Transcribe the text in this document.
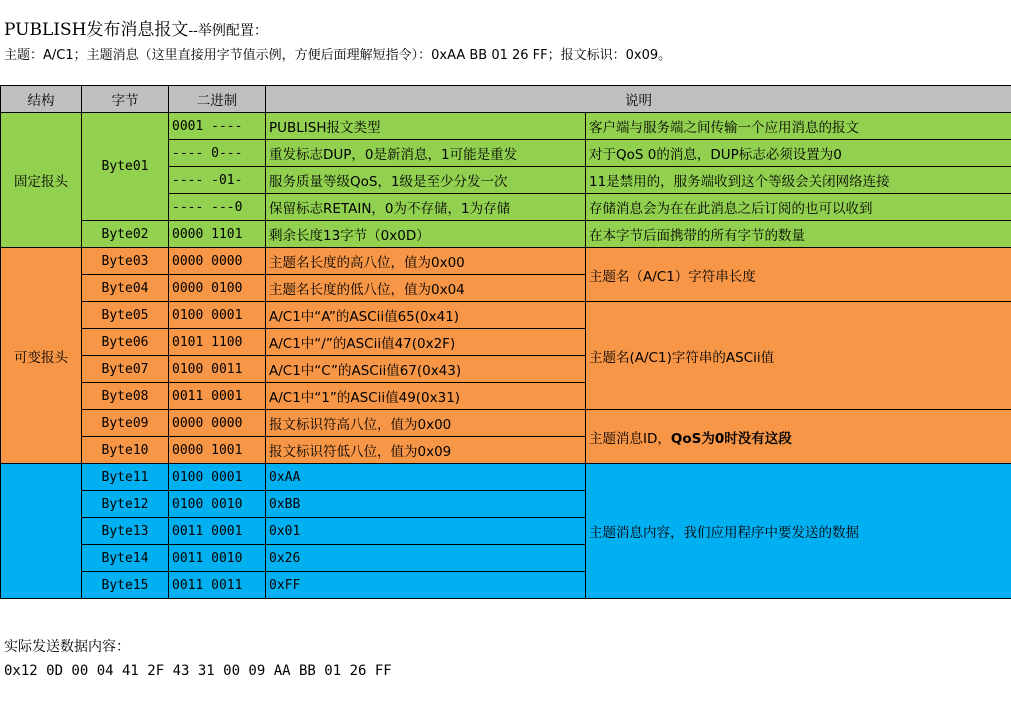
PUBLISH发布消息报文--举例配置：
主题：A/C1；主题消息（这里直接用字节值示例，方便后面理解短指令）：0xAA BB 01 26 FF；报文标识：0x09。
结构	字节	二进制	说明	
固定报头	Byte01	0001 ----	PUBLISH报文类型	客户端与服务端之间传输一个应用消息的报文
		---- 0---	重发标志DUP，0是新消息，1可能是重发	对于QoS 0的消息，DUP标志必须设置为0
		---- -01-	服务质量等级QoS，1级是至少分发一次	11是禁用的，服务端收到这个等级会关闭网络连接
		---- ---0	保留标志RETAIN，0为不存储，1为存储	存储消息会为在在此消息之后订阅的也可以收到
	Byte02	0000 1101	剩余长度13字节（0x0D）	在本字节后面携带的所有字节的数量
可变报头	Byte03	0000 0000	主题名长度的高八位，值为0x00	主题名（A/C1）字符串长度
	Byte04	0000 0100	主题名长度的低八位，值为0x04	
	Byte05	0100 0001	A/C1中“A”的ASCii值65(0x41)	主题名(A/C1)字符串的ASCii值
	Byte06	0101 1100	A/C1中“/”的ASCii值47(0x2F)	
	Byte07	0100 0011	A/C1中“C”的ASCii值67(0x43)	
	Byte08	0011 0001	A/C1中“1”的ASCii值49(0x31)	
	Byte09	0000 0000	报文标识符高八位，值为0x00	主题消息ID，QoS为0时没有这段
	Byte10	0000 1001	报文标识符低八位，值为0x09	
	Byte11	0100 0001	0xAA	主题消息内容，我们应用程序中要发送的数据
	Byte12	0100 0010	0xBB	
	Byte13	0011 0001	0x01	
	Byte14	0011 0010	0x26	
	Byte15	0011 0011	0xFF	
实际发送数据内容：
0x12 0D 00 04 41 2F 43 31 00 09 AA BB 01 26 FF
